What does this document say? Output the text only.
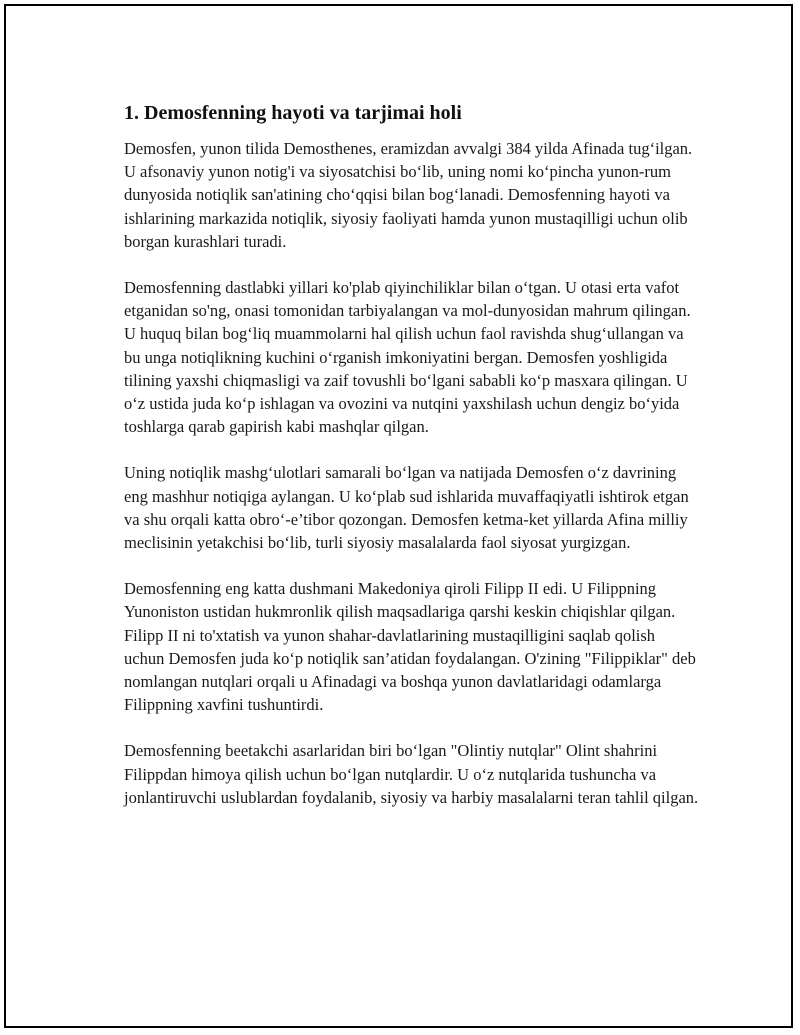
1. Demosfenning hayoti va tarjimai holi

Demosfen, yunon tilida Demosthenes, eramizdan avvalgi 384 yilda Afinada tug‘ilgan. U afsonaviy yunon notig'i va siyosatchisi bo‘lib, uning nomi ko‘pincha yunon-rum dunyosida notiqlik san'atining cho‘qqisi bilan bog‘lanadi. Demosfenning hayoti va ishlarining markazida notiqlik, siyosiy faoliyati hamda yunon mustaqilligi uchun olib borgan kurashlari turadi.

Demosfenning dastlabki yillari ko'plab qiyinchiliklar bilan o‘tgan. U otasi erta vafot etganidan so'ng, onasi tomonidan tarbiyalangan va mol-dunyosidan mahrum qilingan. U huquq bilan bog‘liq muammolarni hal qilish uchun faol ravishda shug‘ullangan va bu unga notiqlikning kuchini o‘rganish imkoniyatini bergan. Demosfen yoshligida tilining yaxshi chiqmasligi va zaif tovushli bo‘lgani sababli ko‘p masxara qilingan. U o‘z ustida juda ko‘p ishlagan va ovozini va nutqini yaxshilash uchun dengiz bo‘yida toshlarga qarab gapirish kabi mashqlar qilgan.

Uning notiqlik mashg‘ulotlari samarali bo‘lgan va natijada Demosfen o‘z davrining eng mashhur notiqiga aylangan. U ko‘plab sud ishlarida muvaffaqiyatli ishtirok etgan va shu orqali katta obro‘-e’tibor qozongan. Demosfen ketma-ket yillarda Afina milliy meclisinin yetakchisi bo‘lib, turli siyosiy masalalarda faol siyosat yurgizgan.

Demosfenning eng katta dushmani Makedoniya qiroli Filipp II edi. U Filippning Yunoniston ustidan hukmronlik qilish maqsadlariga qarshi keskin chiqishlar qilgan. Filipp II ni to'xtatish va yunon shahar-davlatlarining mustaqilligini saqlab qolish uchun Demosfen juda ko‘p notiqlik san’atidan foydalangan. O'zining "Filippiklar" deb nomlangan nutqlari orqali u Afinadagi va boshqa yunon davlatlaridagi odamlarga Filippning xavfini tushuntirdi.

Demosfenning beetakchi asarlaridan biri bo‘lgan "Olintiy nutqlar" Olint shahrini Filippdan himoya qilish uchun bo‘lgan nutqlardir. U o‘z nutqlarida tushuncha va jonlantiruvchi uslublardan foydalanib, siyosiy va harbiy masalalarni teran tahlil qilgan.
